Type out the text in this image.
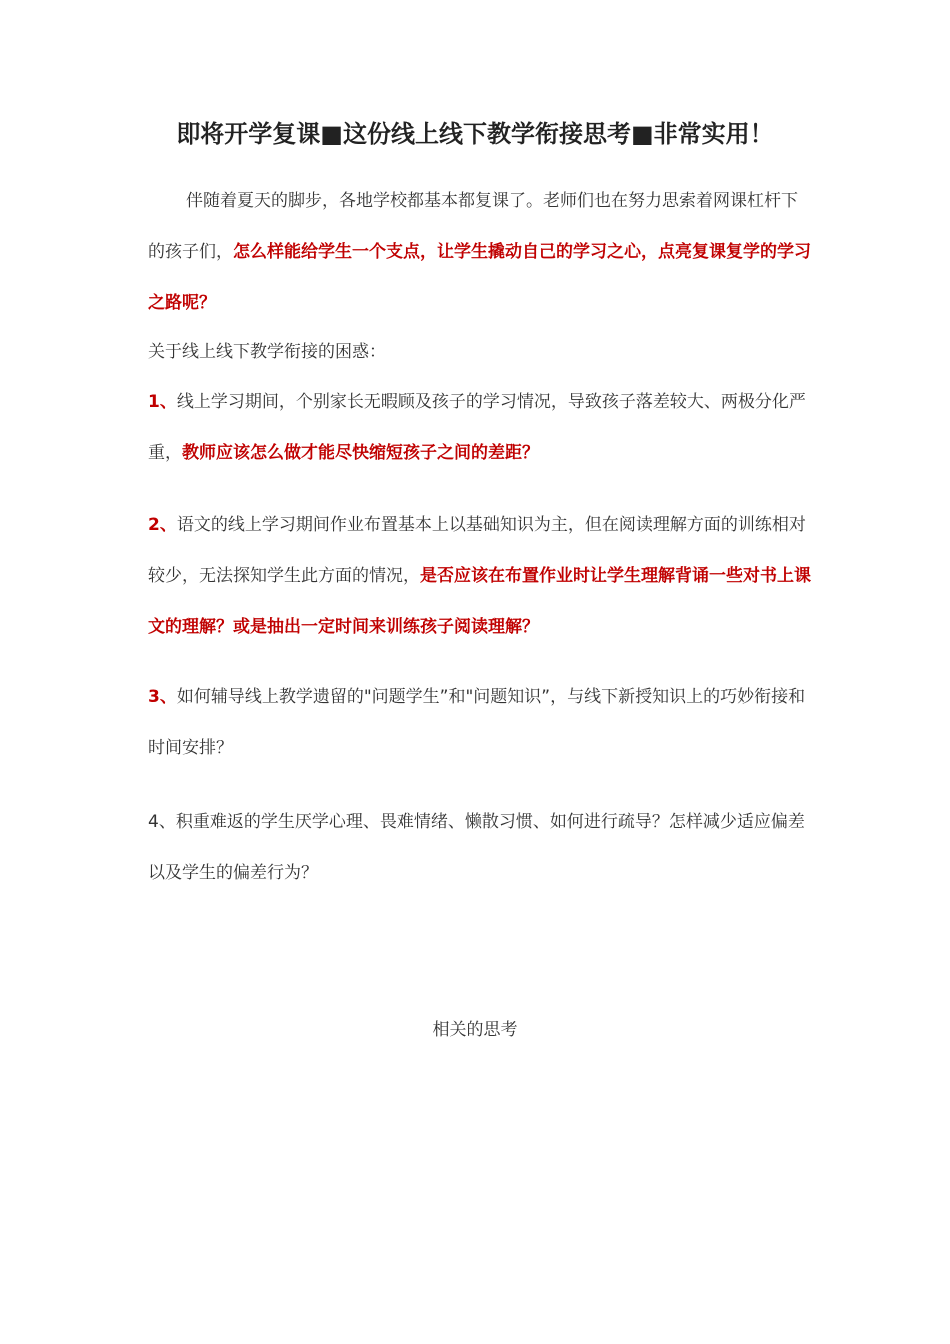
即将开学复课■这份线上线下教学衔接思考■非常实用！

伴随着夏天的脚步，各地学校都基本都复课了。老师们也在努力思索着网课杠杆下的孩子们，怎么样能给学生一个支点，让学生撬动自己的学习之心，点亮复课复学的学习之路呢？

关于线上线下教学衔接的困惑：

1、线上学习期间，个别家长无暇顾及孩子的学习情况，导致孩子落差较大、两极分化严重，教师应该怎么做才能尽快缩短孩子之间的差距？

2、语文的线上学习期间作业布置基本上以基础知识为主，但在阅读理解方面的训练相对较少，无法探知学生此方面的情况，是否应该在布置作业时让学生理解背诵一些对书上课文的理解？或是抽出一定时间来训练孩子阅读理解？

3、如何辅导线上教学遗留的"问题学生”和"问题知识”，与线下新授知识上的巧妙衔接和时间安排？

4、积重难返的学生厌学心理、畏难情绪、懒散习惯、如何进行疏导？怎样减少适应偏差以及学生的偏差行为？

相关的思考
